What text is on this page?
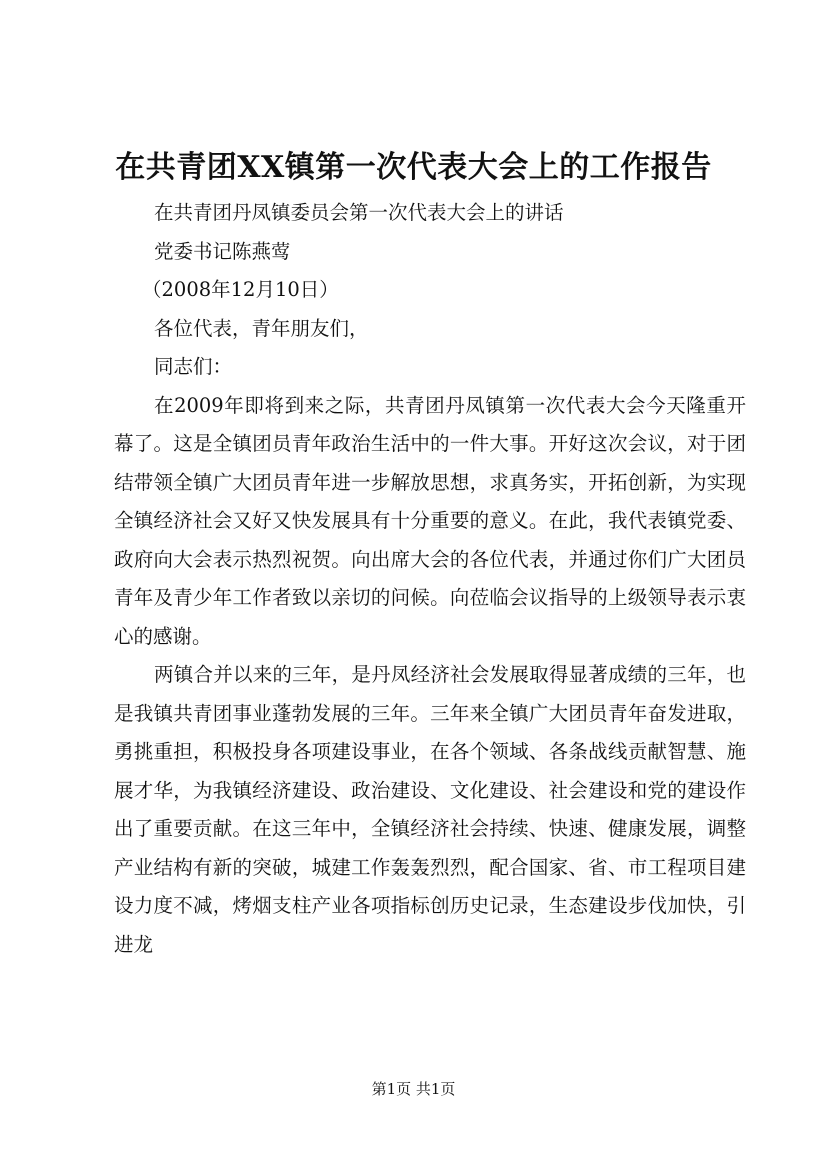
在共青团XX镇第一次代表大会上的工作报告

在共青团丹凤镇委员会第一次代表大会上的讲话

党委书记陈燕莺

（2008年12月10日）

各位代表，青年朋友们，

同志们：

在2009年即将到来之际，共青团丹凤镇第一次代表大会今天隆重开幕了。这是全镇团员青年政治生活中的一件大事。开好这次会议，对于团结带领全镇广大团员青年进一步解放思想，求真务实，开拓创新，为实现全镇经济社会又好又快发展具有十分重要的意义。在此，我代表镇党委、政府向大会表示热烈祝贺。向出席大会的各位代表，并通过你们广大团员青年及青少年工作者致以亲切的问候。向莅临会议指导的上级领导表示衷心的感谢。

两镇合并以来的三年，是丹凤经济社会发展取得显著成绩的三年，也是我镇共青团事业蓬勃发展的三年。三年来全镇广大团员青年奋发进取，勇挑重担，积极投身各项建设事业，在各个领域、各条战线贡献智慧、施展才华，为我镇经济建设、政治建设、文化建设、社会建设和党的建设作出了重要贡献。在这三年中，全镇经济社会持续、快速、健康发展，调整产业结构有新的突破，城建工作轰轰烈烈，配合国家、省、市工程项目建设力度不减，烤烟支柱产业各项指标创历史记录，生态建设步伐加快，引进龙

第1页 共1页
